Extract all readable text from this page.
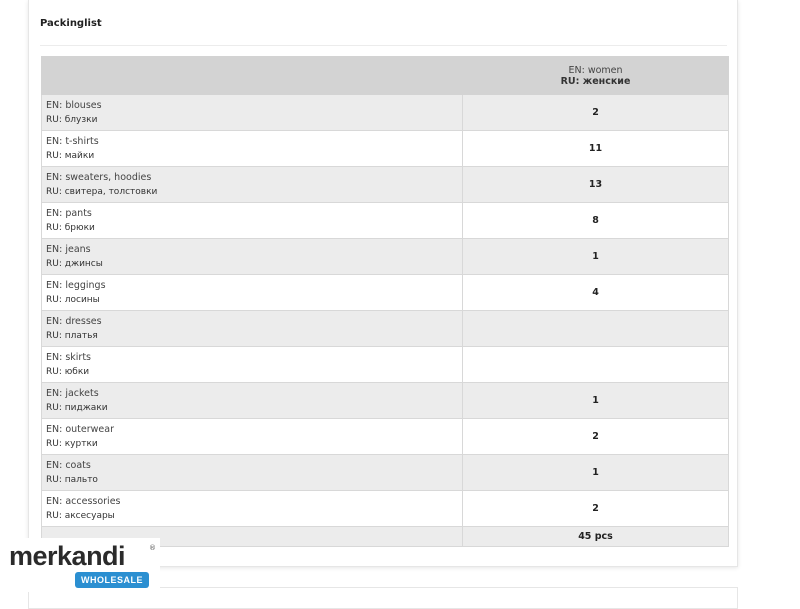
Packinglist

	EN: women
RU: женские

EN: blouses
RU: блузки	2

EN: t-shirts
RU: майки	11

EN: sweaters, hoodies
RU: свитера, толстовки	13

EN: pants
RU: брюки	8

EN: jeans
RU: джинсы	1

EN: leggings
RU: лосины	4

EN: dresses
RU: платья	

EN: skirts
RU: юбки	

EN: jackets
RU: пиджаки	1

EN: outerwear
RU: куртки	2

EN: coats
RU: пальто	1

EN: accessories
RU: аксесуары	2
	45 pcs
merkandi	®
WHOLESALE
